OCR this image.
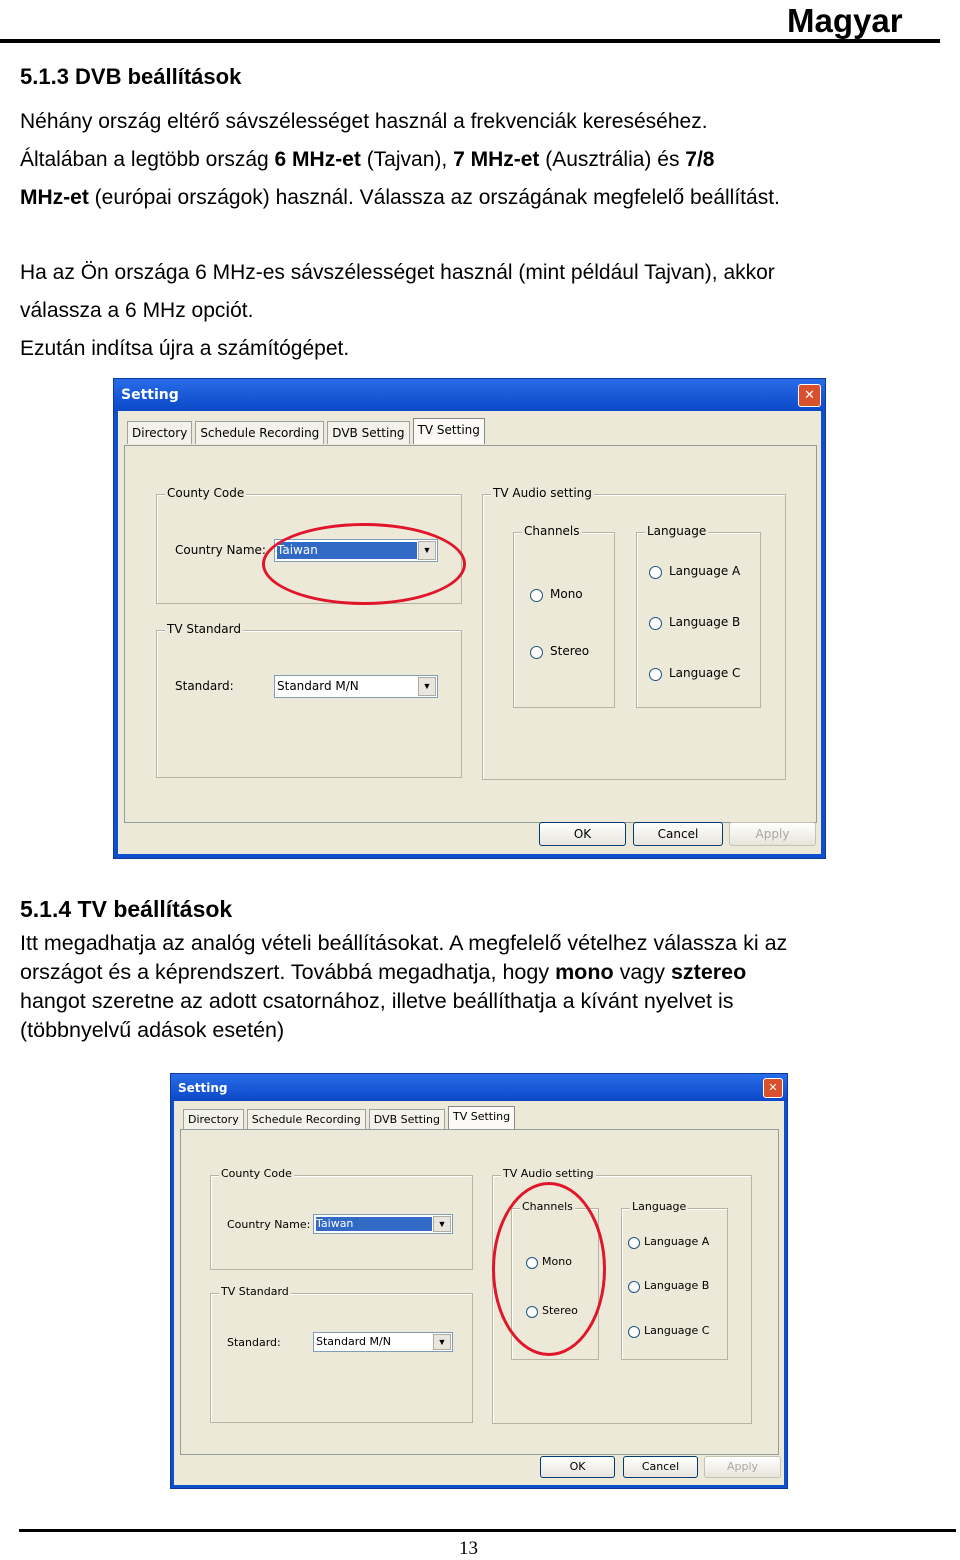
Magyar
5.1.3 DVB beállítások
Néhány ország eltérő sávszélességet használ a frekvenciák kereséséhez.
Általában a legtöbb ország 6 MHz-et (Tajvan), 7 MHz-et (Ausztrália) és 7/8
MHz-et (európai országok) használ. Válassza az országának megfelelő beállítást.
Ha az Ön országa 6 MHz-es sávszélességet használ (mint például Tajvan), akkor
válassza a 6 MHz opciót.
Ezután indítsa újra a számítógépet.
Setting	✕
Directory	Schedule Recording	DVB Setting	TV Setting
County Code
Country Name: Taiwan	▼
TV Standard
Standard:	Standard M/N	▼
TV Audio setting
Channels
Mono
Stereo
Language
Language A
Language B
Language C
OK	Cancel	Apply
5.1.4 TV beállítások
Itt megadhatja az analóg vételi beállításokat. A megfelelő vételhez válassza ki az
országot és a képrendszert. Továbbá megadhatja, hogy mono vagy sztereo
hangot szeretne az adott csatornához, illetve beállíthatja a kívánt nyelvet is
(többnyelvű adások esetén)
Setting	✕
Directory	Schedule Recording	DVB Setting	TV Setting
County Code
Country Name: Taiwan	▼
TV Standard
Standard:	Standard M/N	▼
TV Audio setting
Channels
Mono
Stereo
Language
Language A
Language B
Language C
OK	Cancel	Apply
13
